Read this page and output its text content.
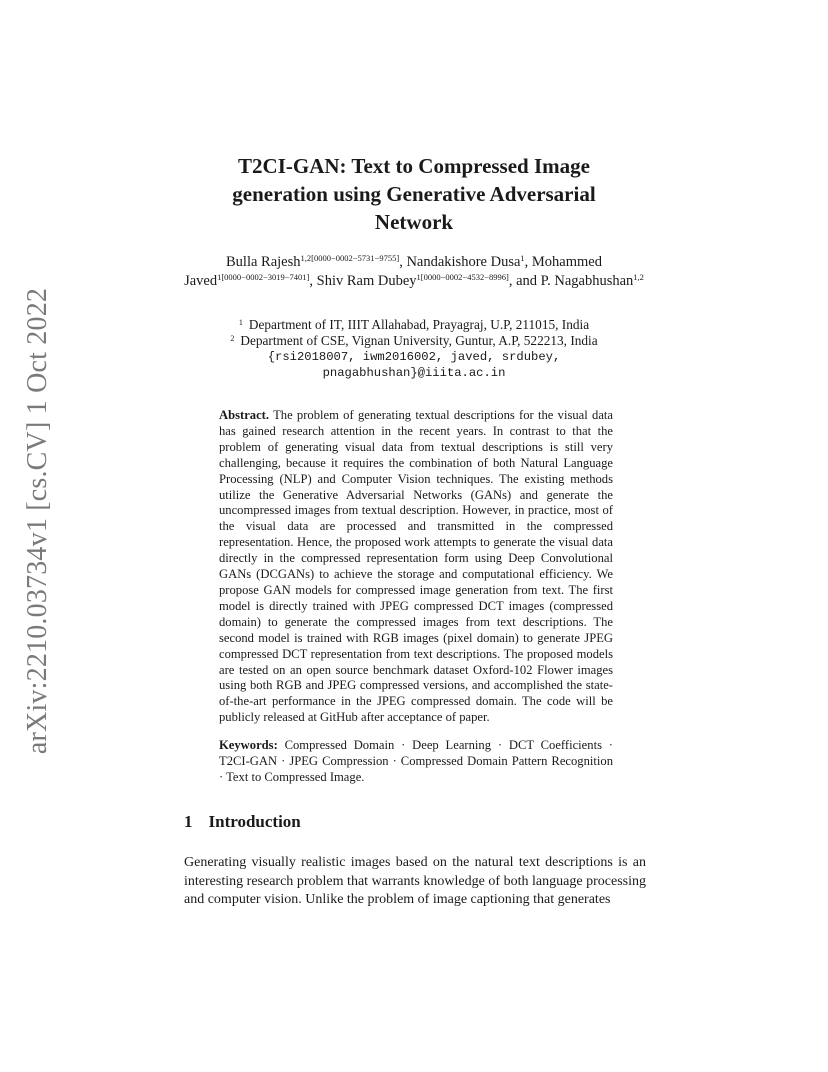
arXiv:2210.03734v1 [cs.CV] 1 Oct 2022
T2CI-GAN: Text to Compressed Image
generation using Generative Adversarial
Network
Bulla Rajesh$^{1,2[0000-0002-5731-9755]}$, Nandakishore Dusa$^1$, Mohammed Javed$^{1[0000-0002-3019-7401]}$, Shiv Ram Dubey$^{1[0000-0002-4532-8996]}$, and P. Nagabhushan$^{1,2}$
$^1$ Department of IT, IIIT Allahabad, Prayagraj, U.P, 211015, India
$^2$ Department of CSE, Vignan University, Guntur, A.P, 522213, India
{rsi2018007, iwm2016002, javed, srdubey, pnagabhushan}@iiita.ac.in
Abstract. The problem of generating textual descriptions for the visual data has gained research attention in the recent years. In contrast to that the problem of generating visual data from textual descriptions is still very challenging, because it requires the combination of both Natural Language Processing (NLP) and Computer Vision techniques. The existing methods utilize the Generative Adversarial Networks (GANs) and generate the uncompressed images from textual description. However, in practice, most of the visual data are processed and transmitted in the compressed representation. Hence, the proposed work attempts to generate the visual data directly in the compressed representation form using Deep Convolutional GANs (DCGANs) to achieve the storage and computational efficiency. We propose GAN models for compressed image generation from text. The first model is directly trained with JPEG compressed DCT images (compressed domain) to generate the compressed images from text descriptions. The second model is trained with RGB images (pixel domain) to generate JPEG compressed DCT representation from text descriptions. The proposed models are tested on an open source benchmark dataset Oxford-102 Flower images using both RGB and JPEG compressed versions, and accomplished the state-of-the-art performance in the JPEG compressed domain. The code will be publicly released at GitHub after acceptance of paper.
Keywords: Compressed Domain · Deep Learning · DCT Coefficients · T2CI-GAN · JPEG Compression · Compressed Domain Pattern Recognition · Text to Compressed Image.
1 Introduction
Generating visually realistic images based on the natural text descriptions is an interesting research problem that warrants knowledge of both language processing and computer vision. Unlike the problem of image captioning that generates
